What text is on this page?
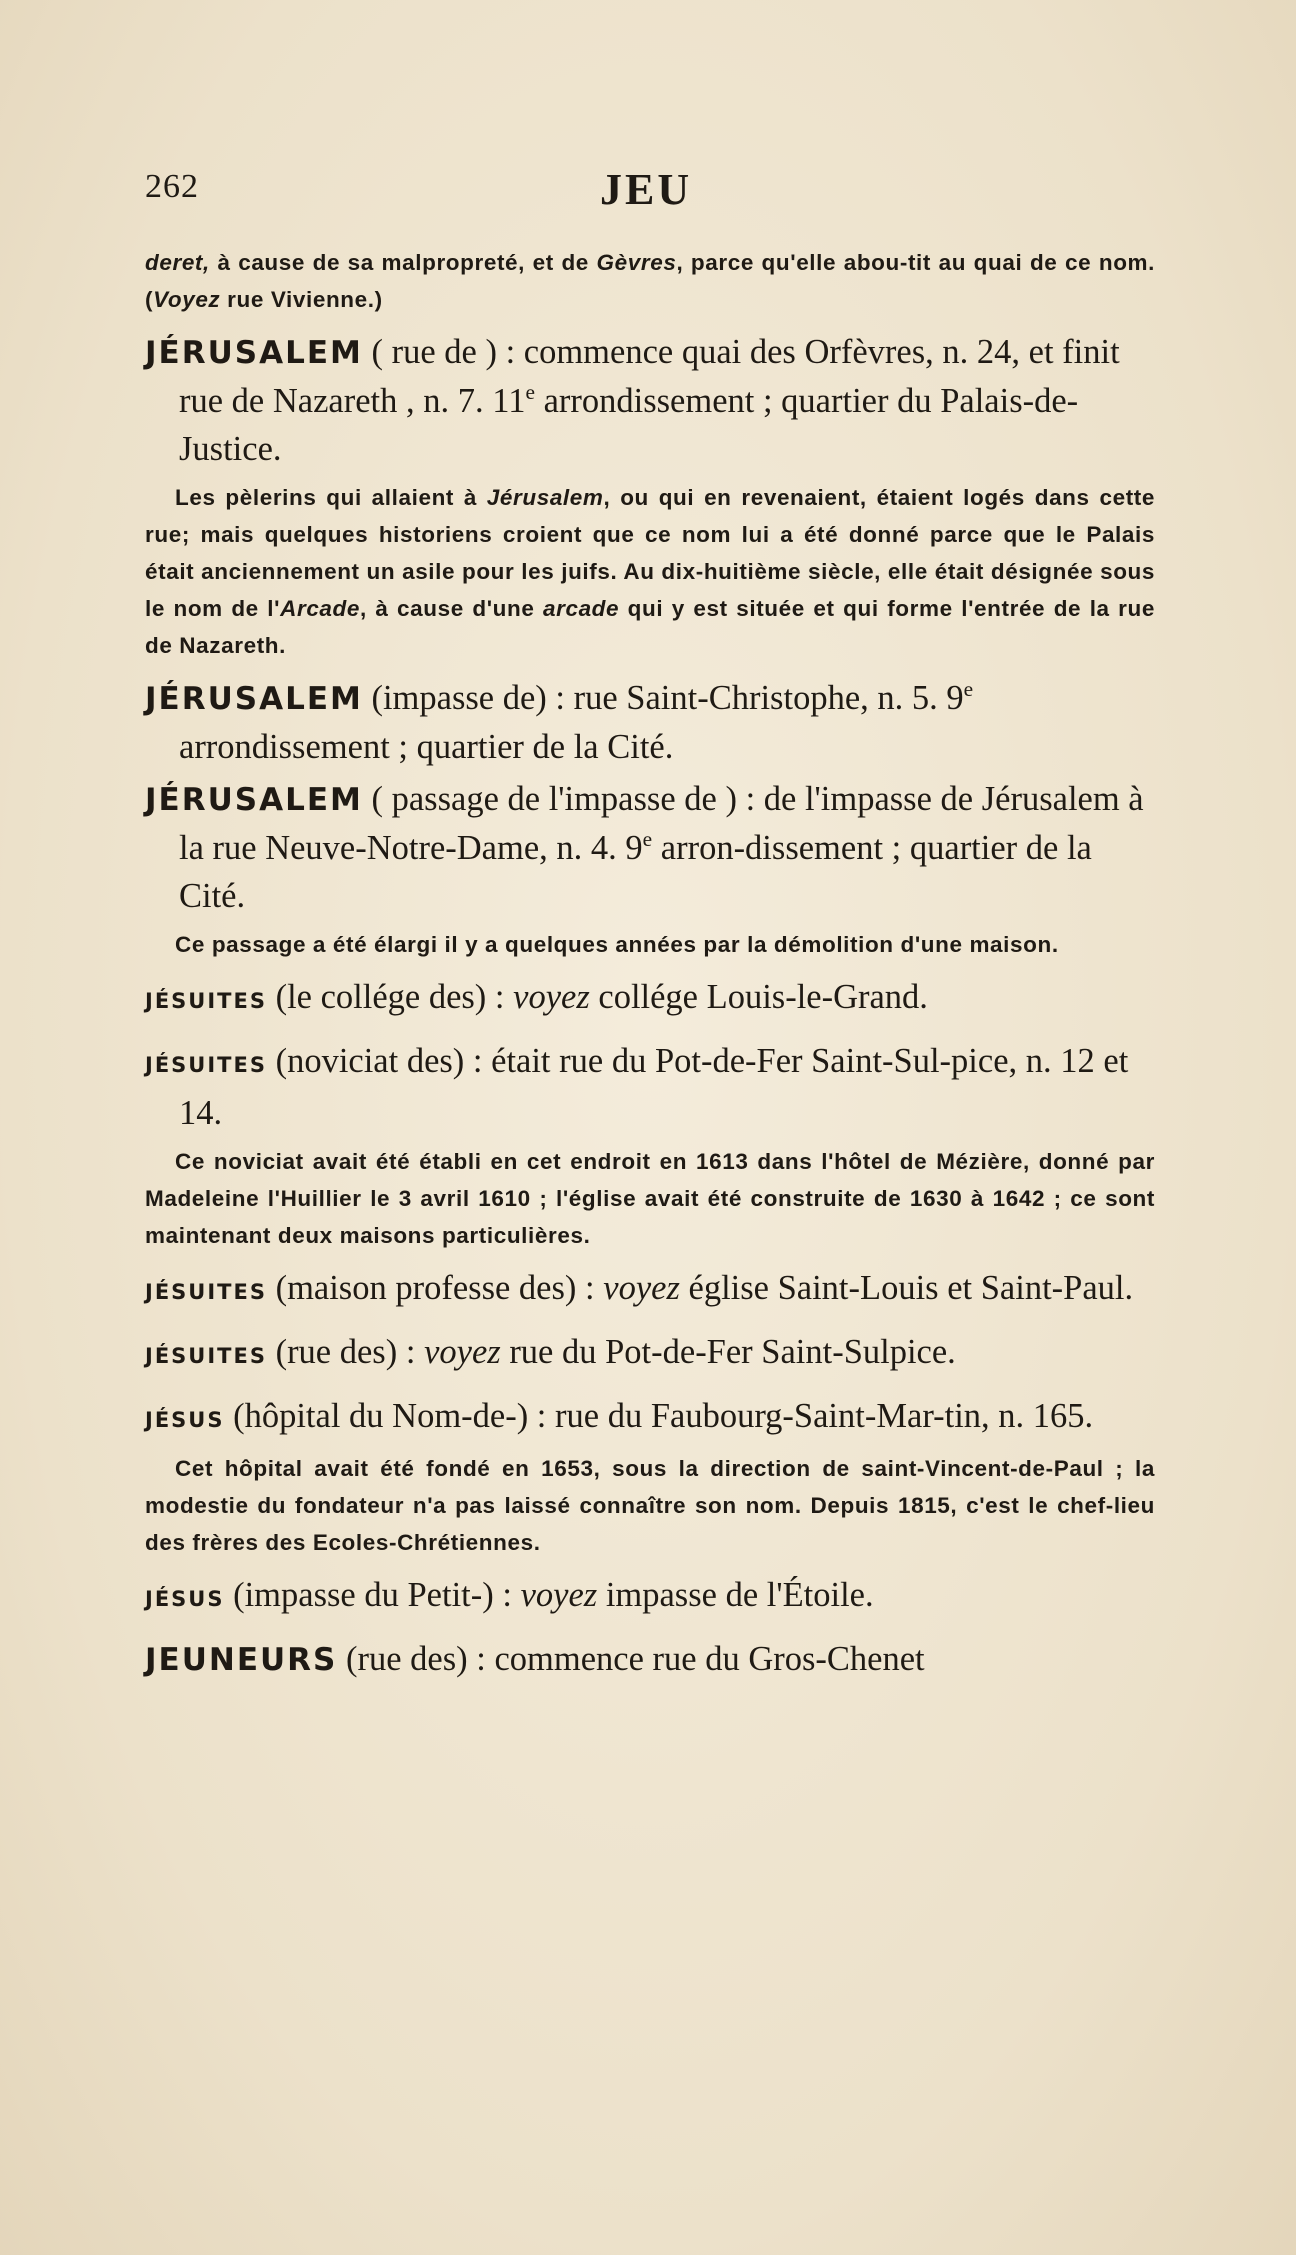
262	JEU

deret, à cause de sa malpropreté, et de Gèvres, parce qu'elle abou-tit au quai de ce nom. (Voyez rue Vivienne.)

JÉRUSALEM ( rue de ) : commence quai des Orfèvres, n. 24, et finit rue de Nazareth , n. 7. 11e arrondissement ; quartier du Palais-de-Justice.

Les pèlerins qui allaient à Jérusalem, ou qui en revenaient, étaient logés dans cette rue; mais quelques historiens croient que ce nom lui a été donné parce que le Palais était anciennement un asile pour les juifs. Au dix-huitième siècle, elle était désignée sous le nom de l'Arcade, à cause d'une arcade qui y est située et qui forme l'entrée de la rue de Nazareth.

JÉRUSALEM (impasse de) : rue Saint-Christophe, n. 5. 9e arrondissement ; quartier de la Cité.

JÉRUSALEM ( passage de l'impasse de ) : de l'impasse de Jérusalem à la rue Neuve-Notre-Dame, n. 4. 9e arron-dissement ; quartier de la Cité.

Ce passage a été élargi il y a quelques années par la démolition d'une maison.

JÉSUITES (le collége des) : voyez collége Louis-le-Grand.

JÉSUITES (noviciat des) : était rue du Pot-de-Fer Saint-Sul-pice, n. 12 et 14.

Ce noviciat avait été établi en cet endroit en 1613 dans l'hôtel de Mézière, donné par Madeleine l'Huillier le 3 avril 1610 ; l'église avait été construite de 1630 à 1642 ; ce sont maintenant deux maisons particulières.

JÉSUITES (maison professe des) : voyez église Saint-Louis et Saint-Paul.

JÉSUITES (rue des) : voyez rue du Pot-de-Fer Saint-Sulpice.

JÉSUS (hôpital du Nom-de-) : rue du Faubourg-Saint-Mar-tin, n. 165.

Cet hôpital avait été fondé en 1653, sous la direction de saint-Vincent-de-Paul ; la modestie du fondateur n'a pas laissé connaître son nom. Depuis 1815, c'est le chef-lieu des frères des Ecoles-Chrétiennes.

JÉSUS (impasse du Petit-) : voyez impasse de l'Étoile.

JEUNEURS (rue des) : commence rue du Gros-Chenet
